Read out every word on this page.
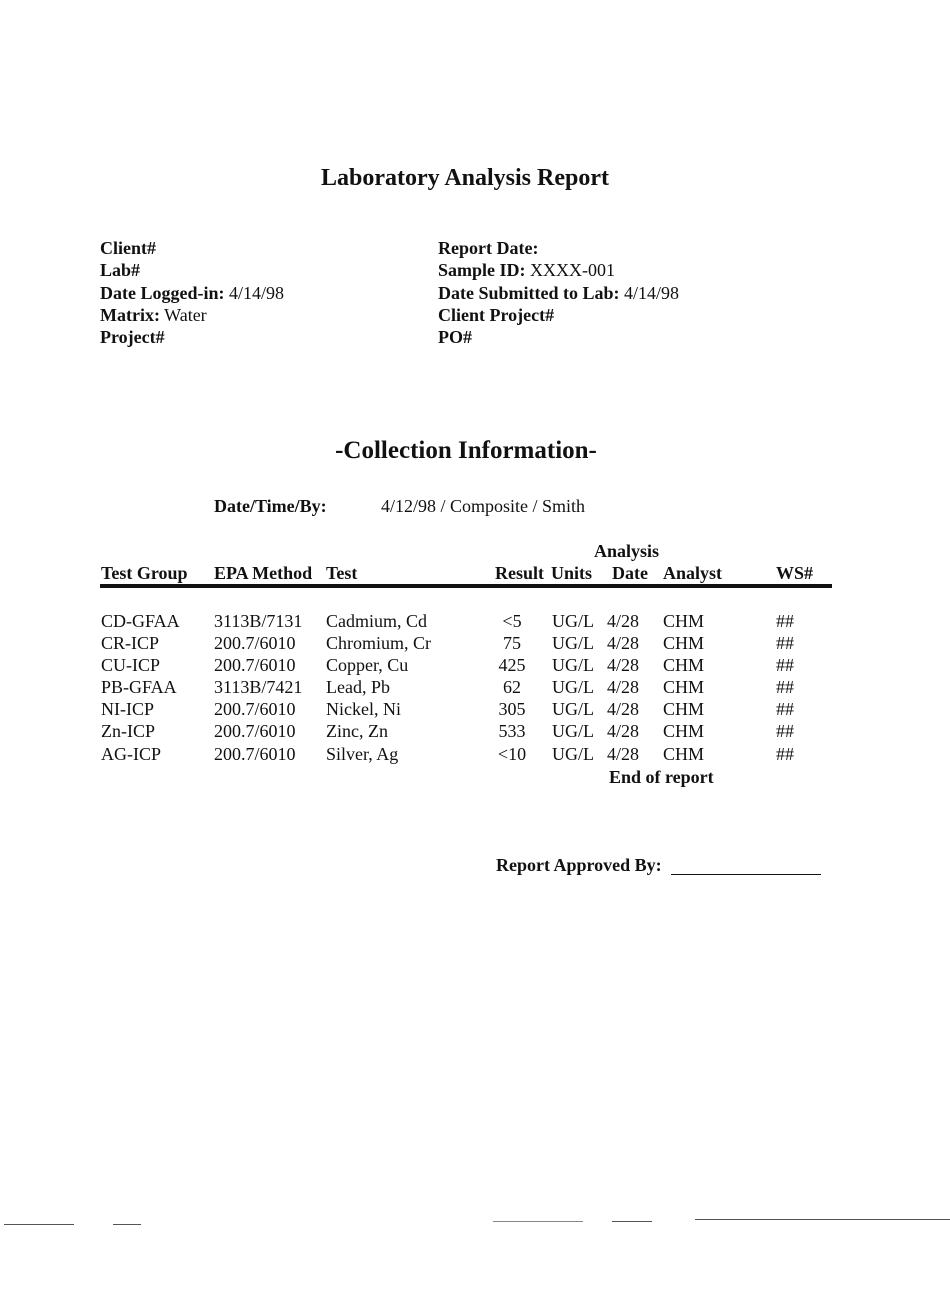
Laboratory Analysis Report
Client#
Lab#
Date Logged-in: 4/14/98
Matrix: Water
Project#
Report Date:
Sample ID: XXXX-001
Date Submitted to Lab: 4/14/98
Client Project#
PO#
-Collection Information-
Date/Time/By:	4/12/98 / Composite / Smith
Analysis
Test Group EPA Method Test	Result Units Date Analyst	WS#
CD-GFAA 3113B/7131 Cadmium, Cd	<5	UG/L 4/28 CHM	##
CR-ICP	200.7/6010 Chromium, Cr	75	UG/L 4/28 CHM	##
CU-ICP	200.7/6010 Copper, Cu	425 UG/L 4/28 CHM	##
PB-GFAA 3113B/7421 Lead, Pb	62	UG/L 4/28 CHM	##
NI-ICP	200.7/6010 Nickel, Ni	305 UG/L 4/28 CHM	##
Zn-ICP	200.7/6010 Zinc, Zn	533 UG/L 4/28 CHM	##
AG-ICP	200.7/6010 Silver, Ag	<10 UG/L 4/28 CHM	##
End of report
Report Approved By:
